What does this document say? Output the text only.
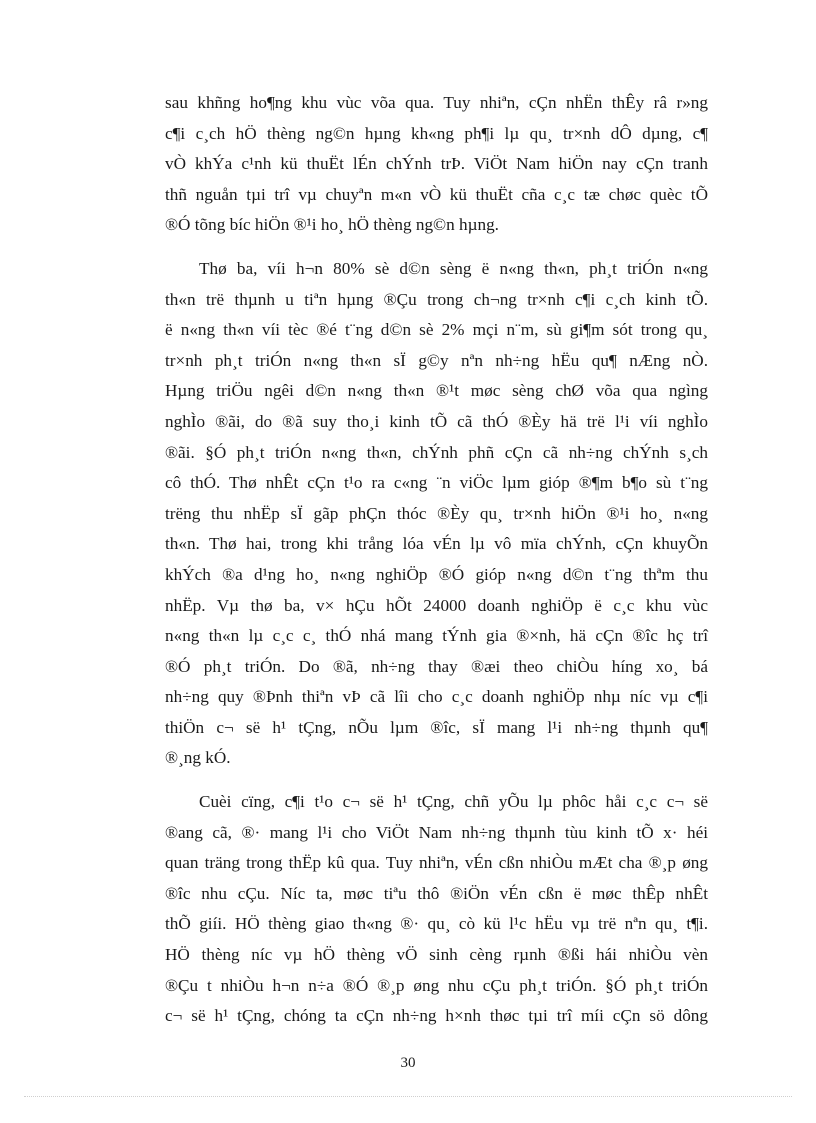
sau khñng ho¶ng khu vùc võa qua. Tuy nhiªn, cÇn nhËn thÊy râ r»ng
c¶i c¸ch hÖ thèng ng©n hµng kh«ng ph¶i lµ qu¸ tr×nh dÔ dµng, c¶
vÒ khÝa c¹nh kü thuËt lÉn chÝnh trÞ. ViÖt Nam hiÖn nay cÇn tranh
thñ nguån tµi trî vµ chuyªn m«n vÒ kü thuËt cña c¸c tæ chøc quèc tÕ
®Ó tõng bíc hiÖn ®¹i ho¸ hÖ thèng ng©n hµng.
Thø ba, víi h¬n 80% sè d©n sèng ë n«ng th«n, ph¸t triÓn n«ng
th«n trë thµnh u tiªn hµng ®Çu trong ch¬ng tr×nh c¶i c¸ch kinh tÕ.
ë n«ng th«n víi tèc ®é t¨ng d©n sè 2% mçi n¨m, sù gi¶m sót trong qu¸
tr×nh ph¸t triÓn n«ng th«n sÏ g©y nªn nh÷ng hËu qu¶ nÆng nÒ.
Hµng triÖu ngêi d©n n«ng th«n ®¹t møc sèng chØ võa qua ngìng
nghÌo ®ãi, do ®ã suy tho¸i kinh tÕ cã thÓ ®Èy hä trë l¹i víi nghÌo
®ãi. §Ó ph¸t triÓn n«ng th«n, chÝnh phñ cÇn cã nh÷ng chÝnh s¸ch
cô thÓ. Thø nhÊt cÇn t¹o ra c«ng ¨n viÖc lµm gióp ®¶m b¶o sù t¨ng
trëng thu nhËp sÏ gãp phÇn thóc ®Èy qu¸ tr×nh hiÖn ®¹i ho¸ n«ng
th«n. Thø hai, trong khi trång lóa vÉn lµ vô mïa chÝnh, cÇn khuyÕn
khÝch ®a d¹ng ho¸ n«ng nghiÖp ®Ó gióp n«ng d©n t¨ng thªm thu
nhËp. Vµ thø ba, v× hÇu hÕt 24000 doanh nghiÖp ë c¸c khu vùc
n«ng th«n lµ c¸c c¸ thÓ nhá mang tÝnh gia ®×nh, hä cÇn ®îc hç trî
®Ó ph¸t triÓn. Do ®ã, nh÷ng thay ®æi theo chiÒu híng xo¸ bá
nh÷ng quy ®Þnh thiªn vÞ cã lîi cho c¸c doanh nghiÖp nhµ níc vµ c¶i
thiÖn c¬ së h¹ tÇng, nÕu lµm ®îc, sÏ mang l¹i nh÷ng thµnh qu¶
®¸ng kÓ.
Cuèi cïng, c¶i t¹o c¬ së h¹ tÇng, chñ yÕu lµ phôc håi c¸c c¬ së
®ang cã, ®· mang l¹i cho ViÖt Nam nh÷ng thµnh tùu kinh tÕ x· héi
quan träng trong thËp kû qua. Tuy nhiªn, vÉn cßn nhiÒu mÆt cha ®¸p øng
®îc nhu cÇu. Níc ta, møc tiªu thô ®iÖn vÉn cßn ë møc thÊp nhÊt
thÕ giíi. HÖ thèng giao th«ng ®· qu¸ cò kü l¹c hËu vµ trë nªn qu¸ t¶i.
HÖ thèng níc vµ hÖ thèng vÖ sinh cèng rµnh ®ßi hái nhiÒu vèn
®Çu t nhiÒu h¬n n÷a ®Ó ®¸p øng nhu cÇu ph¸t triÓn. §Ó ph¸t triÓn
c¬ së h¹ tÇng, chóng ta cÇn nh÷ng h×nh thøc tµi trî míi cÇn sö dông
30
